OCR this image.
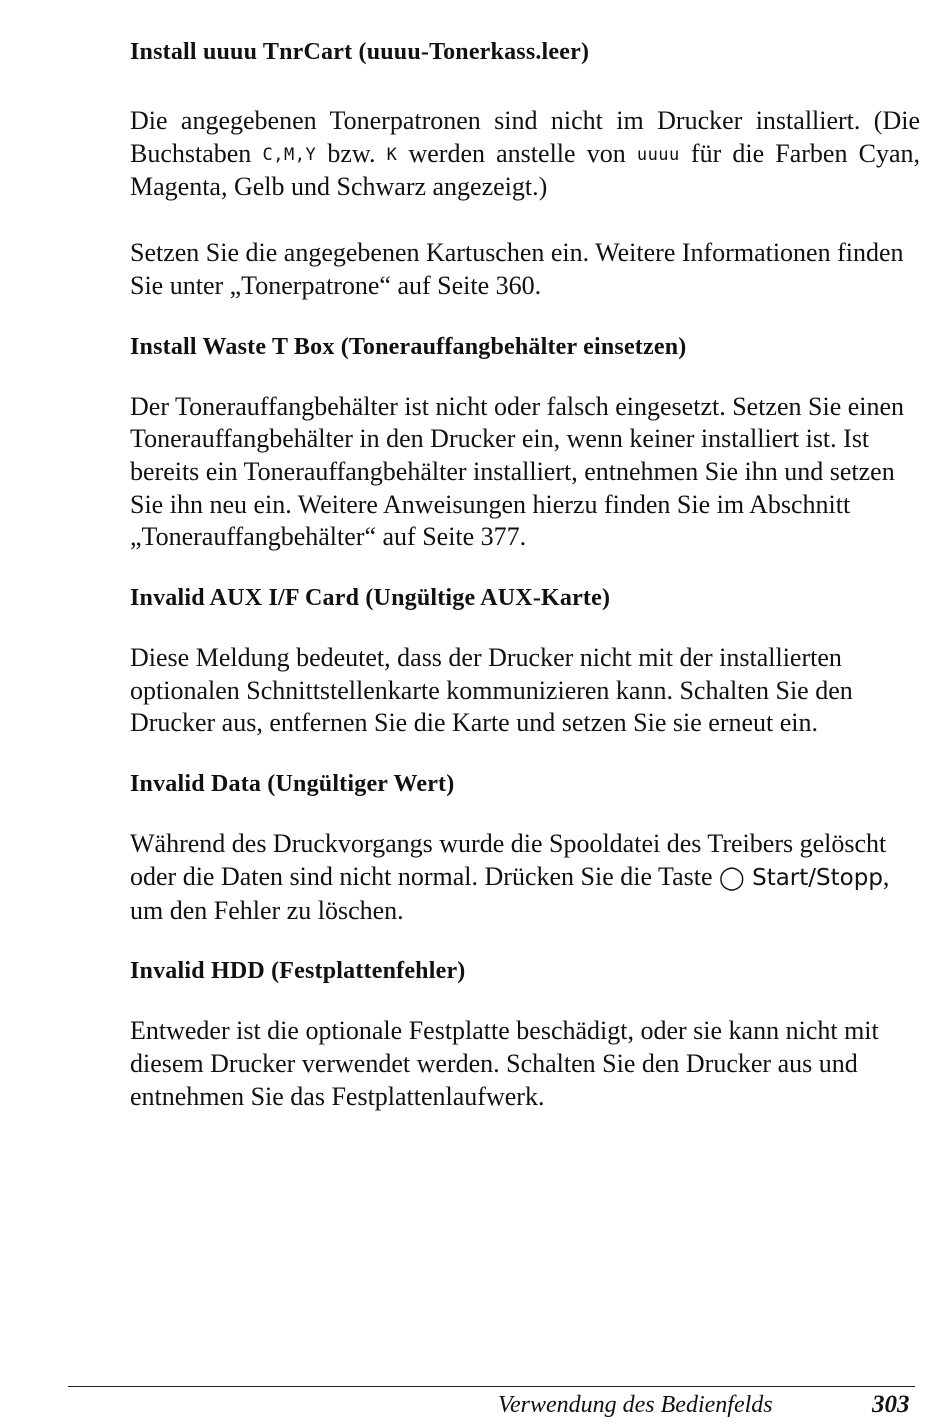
Install uuuu TnrCart (uuuu-Tonerkass.leer)

Die angegebenen Tonerpatronen sind nicht im Drucker installiert. (Die Buchstaben C,M,Y bzw. K werden anstelle von uuuu für die Farben Cyan, Magenta, Gelb und Schwarz angezeigt.)

Setzen Sie die angegebenen Kartuschen ein. Weitere Informationen finden Sie unter „Tonerpatrone“ auf Seite 360.

Install Waste T Box (Tonerauffangbehälter einsetzen)

Der Tonerauffangbehälter ist nicht oder falsch eingesetzt. Setzen Sie einen Tonerauffangbehälter in den Drucker ein, wenn keiner installiert ist. Ist bereits ein Tonerauffangbehälter installiert, entnehmen Sie ihn und setzen Sie ihn neu ein. Weitere Anweisungen hierzu finden Sie im Abschnitt „Tonerauffangbehälter“ auf Seite 377.

Invalid AUX I/F Card (Ungültige AUX-Karte)

Diese Meldung bedeutet, dass der Drucker nicht mit der installierten optionalen Schnittstellenkarte kommunizieren kann. Schalten Sie den Drucker aus, entfernen Sie die Karte und setzen Sie sie erneut ein.

Invalid Data (Ungültiger Wert)

Während des Druckvorgangs wurde die Spooldatei des Treibers gelöscht oder die Daten sind nicht normal. Drücken Sie die Taste ◯ Start/Stopp, um den Fehler zu löschen.

Invalid HDD (Festplattenfehler)

Entweder ist die optionale Festplatte beschädigt, oder sie kann nicht mit diesem Drucker verwendet werden. Schalten Sie den Drucker aus und entnehmen Sie das Festplattenlaufwerk.

Verwendung des Bedienfelds	303
